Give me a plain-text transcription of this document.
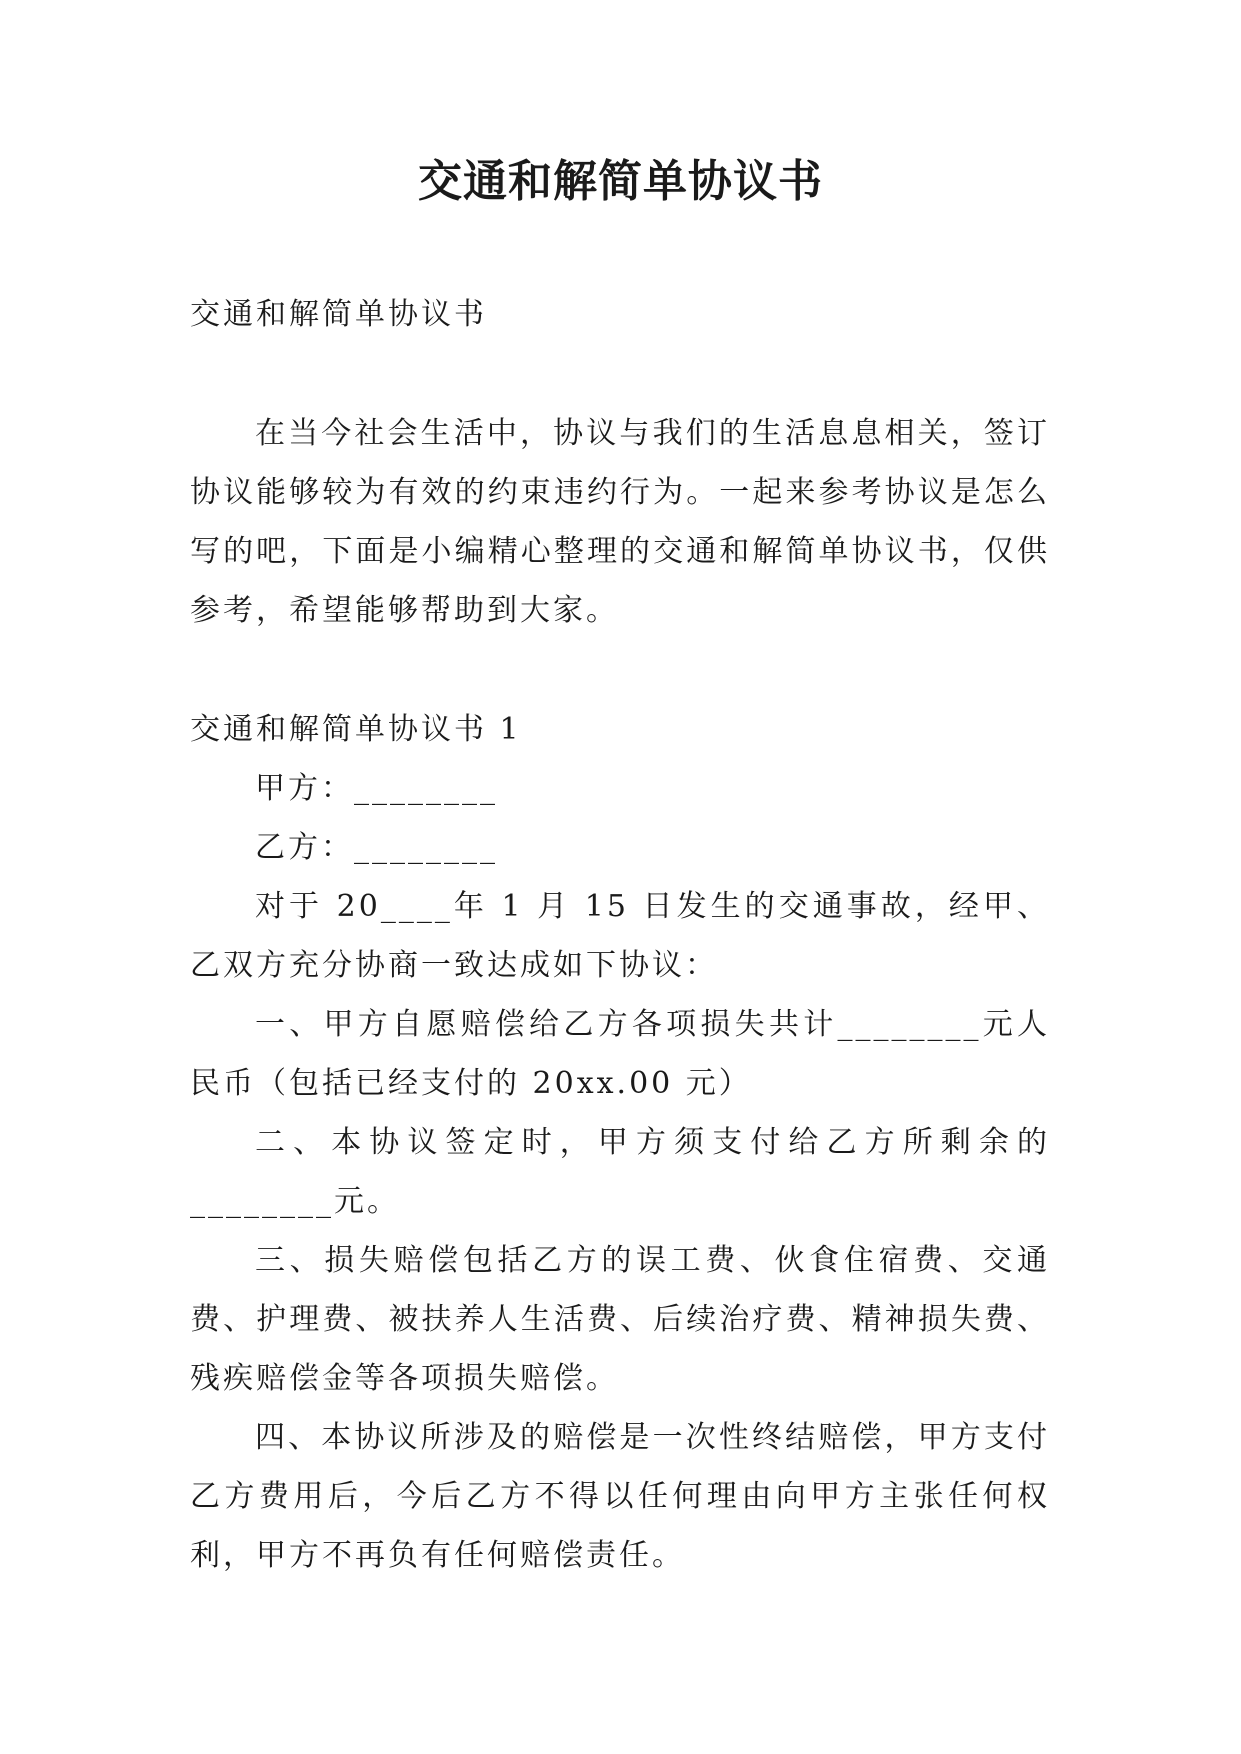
交通和解简单协议书

交通和解简单协议书

在当今社会生活中，协议与我们的生活息息相关，签订协议能够较为有效的约束违约行为。一起来参考协议是怎么写的吧，下面是小编精心整理的交通和解简单协议书，仅供参考，希望能够帮助到大家。

交通和解简单协议书 1

甲方：________

乙方：________

对于 20____年 1 月 15 日发生的交通事故，经甲、乙双方充分协商一致达成如下协议：

一、甲方自愿赔偿给乙方各项损失共计________元人民币（包括已经支付的 20xx.00 元）

二、本协议签定时，甲方须支付给乙方所剩余的________元。

三、损失赔偿包括乙方的误工费、伙食住宿费、交通费、护理费、被扶养人生活费、后续治疗费、精神损失费、残疾赔偿金等各项损失赔偿。

四、本协议所涉及的赔偿是一次性终结赔偿，甲方支付乙方费用后，今后乙方不得以任何理由向甲方主张任何权利，甲方不再负有任何赔偿责任。
